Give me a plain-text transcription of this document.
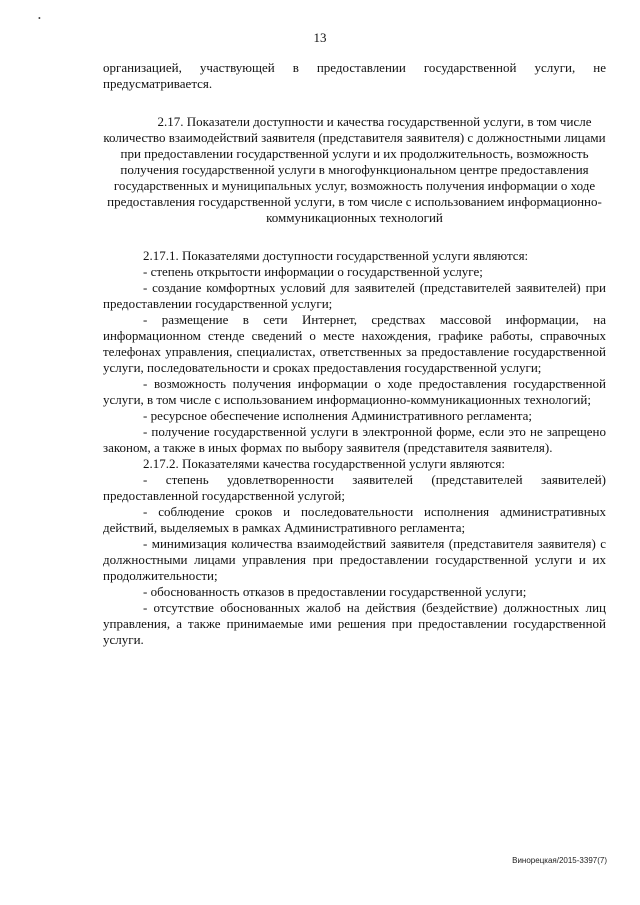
•
13

организацией, участвующей в предоставлении государственной услуги, не предусматривается.

2.17. Показатели доступности и качества государственной услуги, в том числе количество взаимодействий заявителя (представителя заявителя) с должностными лицами при предоставлении государственной услуги и их продолжительность, возможность получения государственной услуги в многофункциональном центре предоставления государственных и муниципальных услуг, возможность получения информации о ходе предоставления государственной услуги, в том числе с использованием информационно-коммуникационных технологий

2.17.1. Показателями доступности государственной услуги являются:

- степень открытости информации о государственной услуге;

- создание комфортных условий для заявителей (представителей заявителей) при предоставлении государственной услуги;

- размещение в сети Интернет, средствах массовой информации, на информационном стенде сведений о месте нахождения, графике работы, справочных телефонах управления, специалистах, ответственных за предоставление государственной услуги, последовательности и сроках предоставления государственной услуги;

- возможность получения информации о ходе предоставления государственной услуги, в том числе с использованием информационно-коммуникационных технологий;

- ресурсное обеспечение исполнения Административного регламента;

- получение государственной услуги в электронной форме, если это не запрещено законом, а также в иных формах по выбору заявителя (представителя заявителя).

2.17.2. Показателями качества государственной услуги являются:

- степень удовлетворенности заявителей (представителей заявителей) предоставленной государственной услугой;

- соблюдение сроков и последовательности исполнения административных действий, выделяемых в рамках Административного регламента;

- минимизация количества взаимодействий заявителя (представителя заявителя) с должностными лицами управления при предоставлении государственной услуги и их продолжительности;

- обоснованность отказов в предоставлении государственной услуги;

- отсутствие обоснованных жалоб на действия (бездействие) должностных лиц управления, а также принимаемые ими решения при предоставлении государственной услуги.

Винорецкая/2015-3397(7)
